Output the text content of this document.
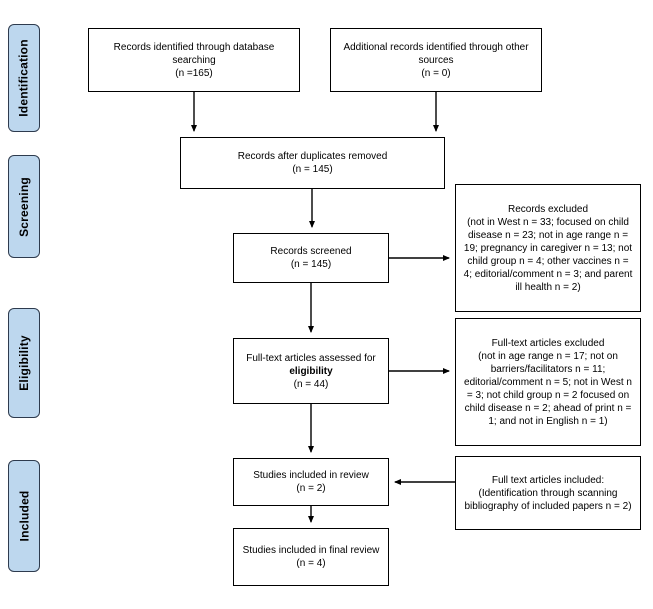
Identification
Screening
Eligibility
Included
Records identified through database searching
(n =165)
Additional records identified through other sources
(n = 0)
Records after duplicates removed
(n = 145)
Records screened
(n = 145)
Records excluded
(not in West n = 33; focused on child disease n = 23; not in age range n = 19; pregnancy in caregiver n = 13; not child group n = 4; other vaccines n = 4; editorial/comment n = 3; and parent ill health n = 2)
Full-text articles assessed for
eligibility
(n = 44)
Full-text articles excluded
(not in age range n = 17; not on barriers/facilitators n = 11; editorial/comment n = 5; not in West n = 3; not child group n = 2 focused on child disease n = 2; ahead of print n = 1; and not in English n = 1)
Studies included in review
(n = 2)
Full text articles included:
(Identification through scanning bibliography of included papers n = 2)
Studies included in final review
(n = 4)
